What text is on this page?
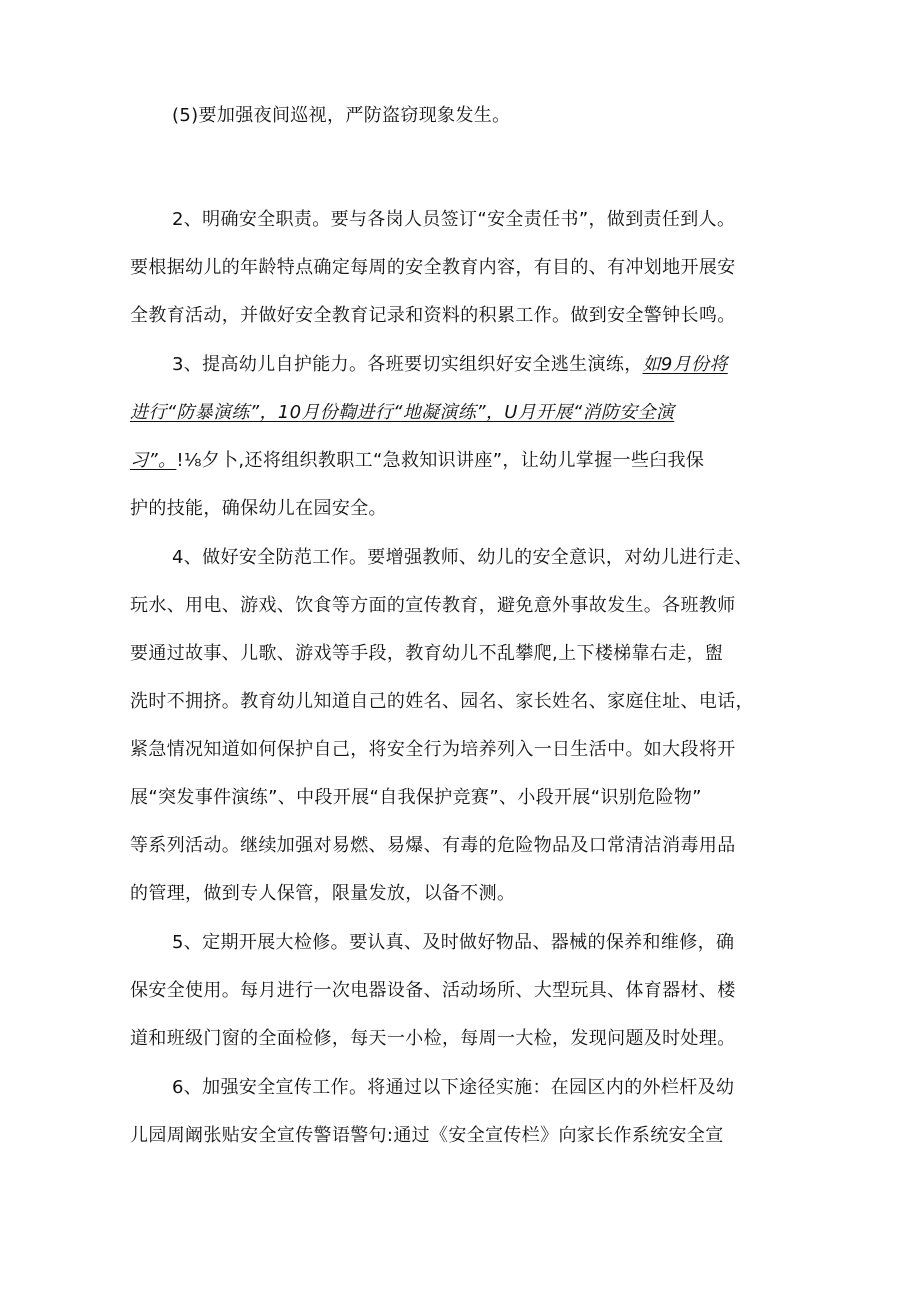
(5)要加强夜间巡视，严防盗窃现象发生。
2、明确安全职责。要与各岗人员签订“安全责任书”，做到责任到人。
要根据幼儿的年龄特点确定每周的安全教育内容，有目的、有冲划地开展安
全教育活动，并做好安全教育记录和资料的积累工作。做到安全警钟长鸣。
3、提高幼儿自护能力。各班要切实组织好安全逃生演练，如9月份将
进行“防暴演练”，10月份鞫进行“地凝演练”，U月开展“消防安全演
习”。!⅛夕卜,还将组织教职工“急救知识讲座”，让幼儿掌握一些臼我保
护的技能，确保幼儿在园安全。
4、做好安全防范工作。要增强教师、幼儿的安全意识，对幼儿进行走、
玩水、用电、游戏、饮食等方面的宣传教育，避免意外事故发生。各班教师
要通过故事、儿歌、游戏等手段，教育幼儿不乱攀爬,上下楼梯靠右走，盥
洗时不拥挤。教育幼儿知道自己的姓名、园名、家长姓名、家庭住址、电话，
紧急情况知道如何保护自己，将安全行为培养列入一日生活中。如大段将开
展“突发事件演练”、中段开展“自我保护竞赛”、小段开展“识别危险物”
等系列活动。继续加强对易燃、易爆、有毒的危险物品及口常清洁消毒用品
的管理，做到专人保管，限量发放，以备不测。
5、定期开展大检修。要认真、及时做好物品、器械的保养和维修，确
保安全使用。每月进行一次电器设备、活动场所、大型玩具、体育器材、楼
道和班级门窗的全面检修，每天一小检，每周一大检，发现问题及时处理。
6、加强安全宣传工作。将通过以下途径实施：在园区内的外栏杆及幼
儿园周阚张贴安全宣传警语警句:通过《安全宣传栏》向家长作系统安全宣
